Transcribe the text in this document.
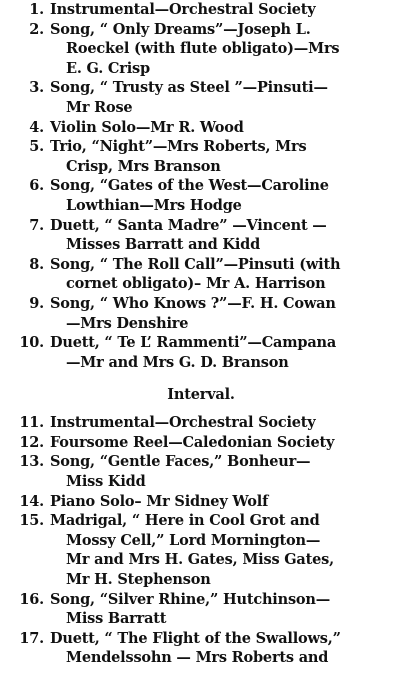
1. Instrumental—Orchestral Society
2. Song, “ Only Dreams”—Joseph L.
Roeckel (with flute obligato)—Mrs
E. G. Crisp
3. Song, “ Trusty as Steel ”—Pinsuti—
Mr Rose
4. Violin Solo—Mr R. Wood
5. Trio, “Night”—Mrs Roberts, Mrs
Crisp, Mrs Branson
6. Song, “Gates of the West—Caroline
Lowthian—Mrs Hodge
7. Duett, “ Santa Madre” —Vincent —
Misses Barratt and Kidd
8. Song, “ The Roll Call”—Pinsuti (with
cornet obligato)– Mr A. Harrison
9. Song, “ Who Knows ?”—F. H. Cowan
—Mrs Denshire
10. Duett, “ Te L’ Rammenti”—Campana
—Mr and Mrs G. D. Branson
Interval.
11. Instrumental—Orchestral Society
12. Foursome Reel—Caledonian Society
13. Song, “Gentle Faces,” Bonheur—
Miss Kidd
14. Piano Solo– Mr Sidney Wolf
15. Madrigal, “ Here in Cool Grot and
Mossy Cell,” Lord Mornington—
Mr and Mrs H. Gates, Miss Gates,
Mr H. Stephenson
16. Song, “Silver Rhine,” Hutchinson—
Miss Barratt
17. Duett, “ The Flight of the Swallows,”
Mendelssohn — Mrs Roberts and
